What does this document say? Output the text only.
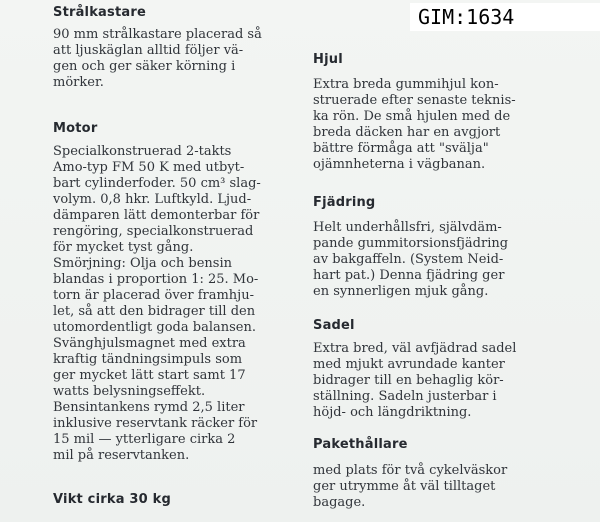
GIM:1634
Strålkastare
90 mm strålkastare placerad så
att ljuskäglan alltid följer vä-
gen och ger säker körning i
mörker.
Motor
Specialkonstruerad 2-takts
Amo-typ FM 50 K med utbyt-
bart cylinderfoder. 50 cm³ slag-
volym. 0,8 hkr. Luftkyld. Ljud-
dämparen lätt demonterbar för
rengöring, specialkonstruerad
för mycket tyst gång.
Smörjning: Olja och bensin
blandas i proportion 1: 25. Mo-
torn är placerad över framhju-
let, så att den bidrager till den
utomordentligt goda balansen.
Svänghjulsmagnet med extra
kraftig tändningsimpuls som
ger mycket lätt start samt 17
watts belysningseffekt.
Bensintankens rymd 2,5 liter
inklusive reservtank räcker för
15 mil — ytterligare cirka 2
mil på reservtanken.
Vikt cirka 30 kg
Hjul
Extra breda gummihjul kon-
struerade efter senaste teknis-
ka rön. De små hjulen med de
breda däcken har en avgjort
bättre förmåga att "svälja"
ojämnheterna i vägbanan.
Fjädring
Helt underhållsfri, självdäm-
pande gummitorsionsfjädring
av bakgaffeln. (System Neid-
hart pat.) Denna fjädring ger
en synnerligen mjuk gång.
Sadel
Extra bred, väl avfjädrad sadel
med mjukt avrundade kanter
bidrager till en behaglig kör-
ställning. Sadeln justerbar i
höjd- och längdriktning.
Pakethållare
med plats för två cykelväskor
ger utrymme åt väl tilltaget
bagage.
